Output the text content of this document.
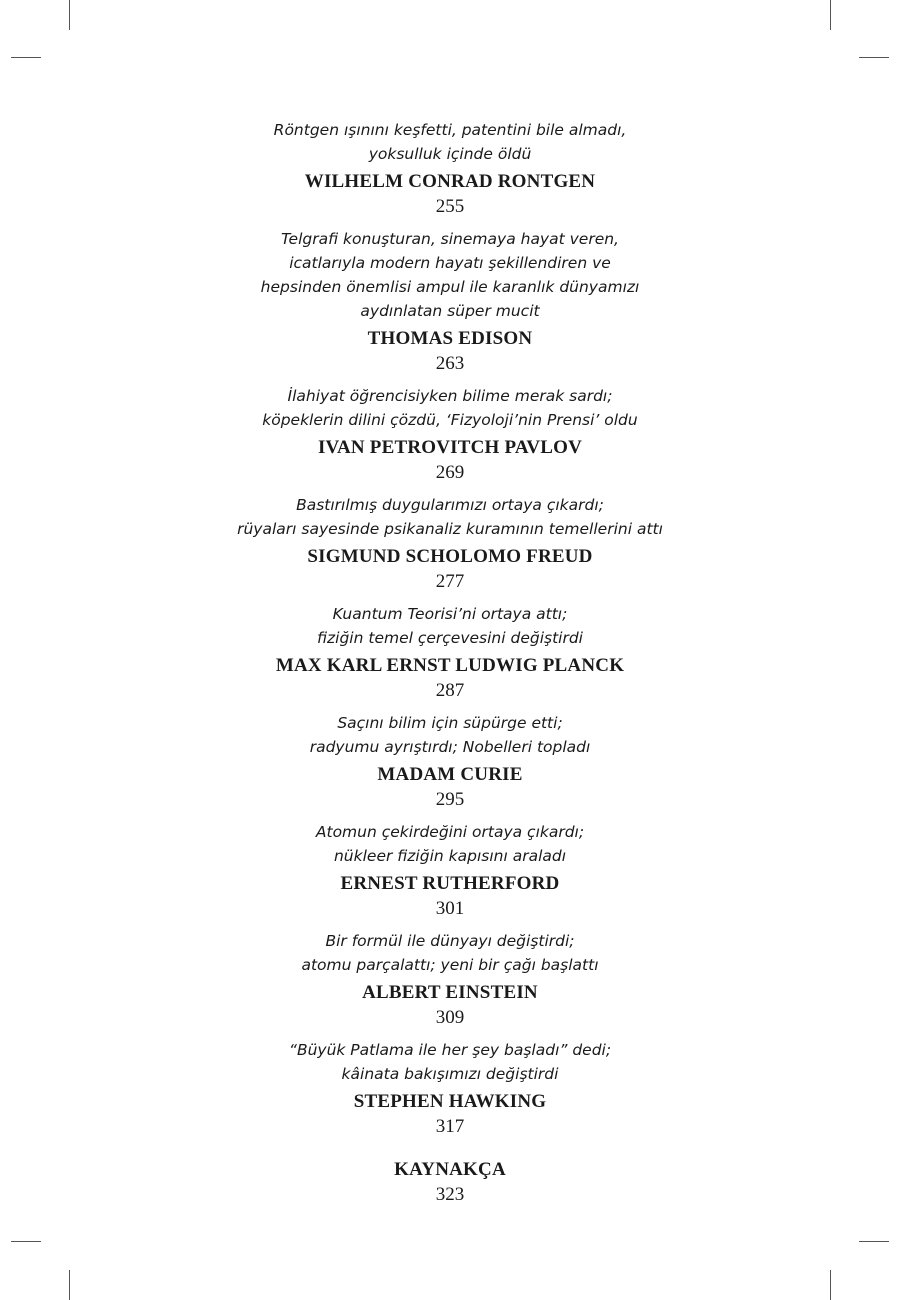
Röntgen ışınını keşfetti, patentini bile almadı,
yoksulluk içinde öldü
WILHELM CONRAD RONTGEN
255
Telgrafi konuşturan, sinemaya hayat veren,
icatlarıyla modern hayatı şekillendiren ve
hepsinden önemlisi ampul ile karanlık dünyamızı
aydınlatan süper mucit
THOMAS EDISON
263
İlahiyat öğrencisiyken bilime merak sardı;
köpeklerin dilini çözdü, ‘Fizyoloji’nin Prensi’ oldu
IVAN PETROVITCH PAVLOV
269
Bastırılmış duygularımızı ortaya çıkardı;
rüyaları sayesinde psikanaliz kuramının temellerini attı
SIGMUND SCHOLOMO FREUD
277
Kuantum Teorisi’ni ortaya attı;
fiziğin temel çerçevesini değiştirdi
MAX KARL ERNST LUDWIG PLANCK
287
Saçını bilim için süpürge etti;
radyumu ayrıştırdı; Nobelleri topladı
MADAM CURIE
295
Atomun çekirdeğini ortaya çıkardı;
nükleer fiziğin kapısını araladı
ERNEST RUTHERFORD
301
Bir formül ile dünyayı değiştirdi;
atomu parçalattı; yeni bir çağı başlattı
ALBERT EINSTEIN
309
“Büyük Patlama ile her şey başladı” dedi;
kâinata bakışımızı değiştirdi
STEPHEN HAWKING
317
KAYNAKÇA
323
